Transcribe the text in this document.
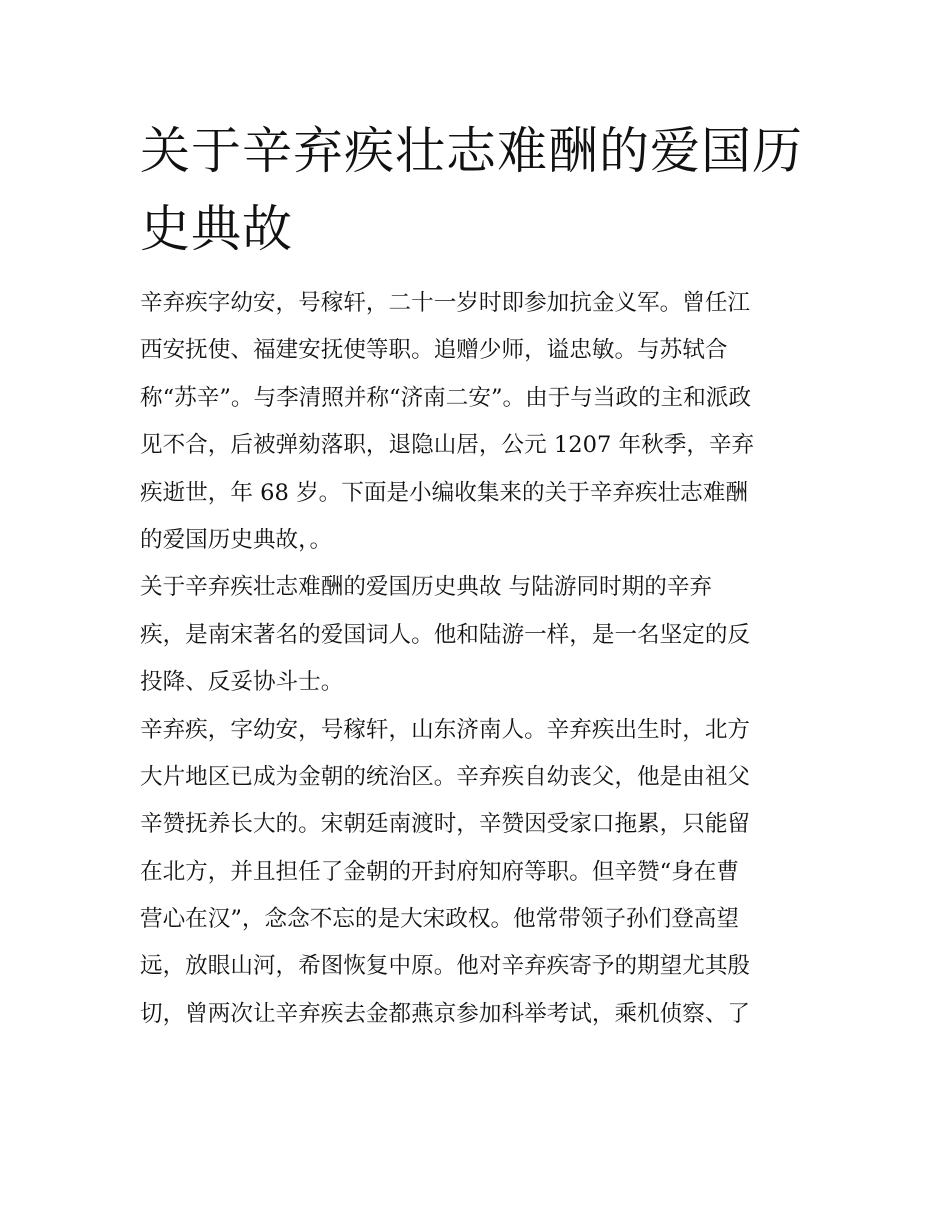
关于辛弃疾壮志难酬的爱国历
史典故
辛弃疾字幼安，号稼轩，二十一岁时即参加抗金义军。曾任江
西安抚使、福建安抚使等职。追赠少师，谥忠敏。与苏轼合
称“苏辛”。与李清照并称“济南二安”。由于与当政的主和派政
见不合，后被弹劾落职，退隐山居，公元 1207 年秋季，辛弃
疾逝世，年 68 岁。下面是小编收集来的关于辛弃疾壮志难酬
的爱国历史典故，。
关于辛弃疾壮志难酬的爱国历史典故 与陆游同时期的辛弃
疾，是南宋著名的爱国词人。他和陆游一样，是一名坚定的反
投降、反妥协斗士。
辛弃疾，字幼安，号稼轩，山东济南人。辛弃疾出生时，北方
大片地区已成为金朝的统治区。辛弃疾自幼丧父，他是由祖父
辛赞抚养长大的。宋朝廷南渡时，辛赞因受家口拖累，只能留
在北方，并且担任了金朝的开封府知府等职。但辛赞“身在曹
营心在汉”，念念不忘的是大宋政权。他常带领子孙们登高望
远，放眼山河，希图恢复中原。他对辛弃疾寄予的期望尤其殷
切，曾两次让辛弃疾去金都燕京参加科举考试，乘机侦察、了
